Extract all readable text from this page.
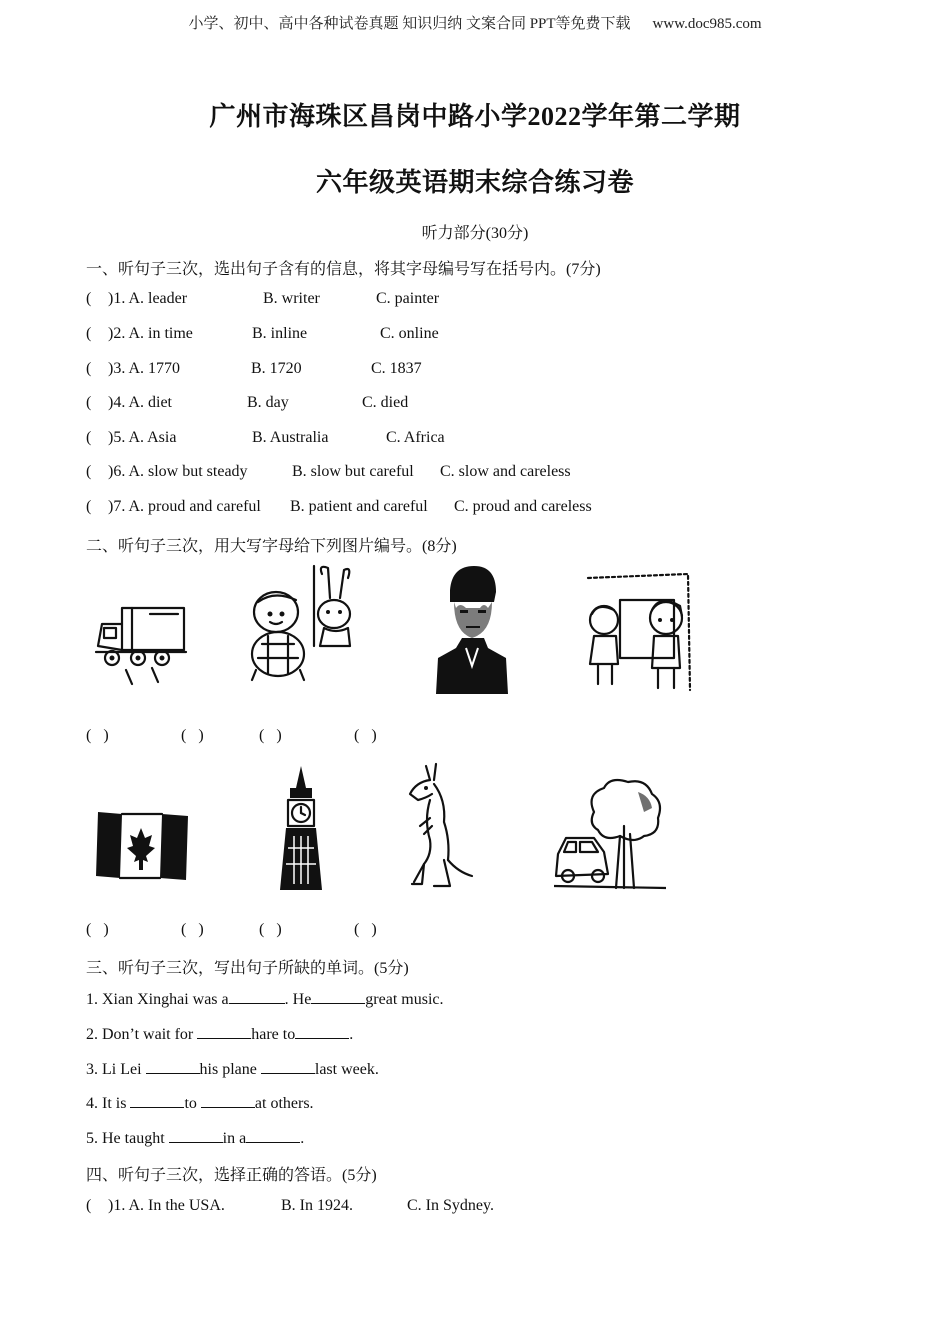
小学、初中、高中各种试卷真题 知识归纳 文案合同 PPT等免费下载 www.doc985.com
广州市海珠区昌岗中路小学2022学年第二学期
六年级英语期末综合练习卷
听力部分(30分)
一、听句子三次，选出句子含有的信息，将其字母编号写在括号内。(7分)
( )1. A. leader	B. writer	C. painter
( )2. A. in time	B. inline	C. online
( )3. A. 1770	B. 1720	C. 1837
( )4. A. diet	B. day	C. died
( )5. A. Asia	B. Australia	C. Africa
( )6. A. slow but steady	B. slow but careful C. slow and careless
( )7. A. proud and careful B. patient and careful C. proud and careless
二、听句子三次，用大写字母给下列图片编号。(8分)
( )	( )	( )	( )
( )	( )	( )	( )
三、听句子三次，写出句子所缺的单词。(5分)
1. Xian Xinghai was a	. He	great music.
2. Don’t wait for	hare to	.
3. Li Lei	his plane	last week.
4. It is	to	at others.
5. He taught	in a	.
四、听句子三次，选择正确的答语。(5分)
( )1. A. In the USA.	B. In 1924.	C. In Sydney.
